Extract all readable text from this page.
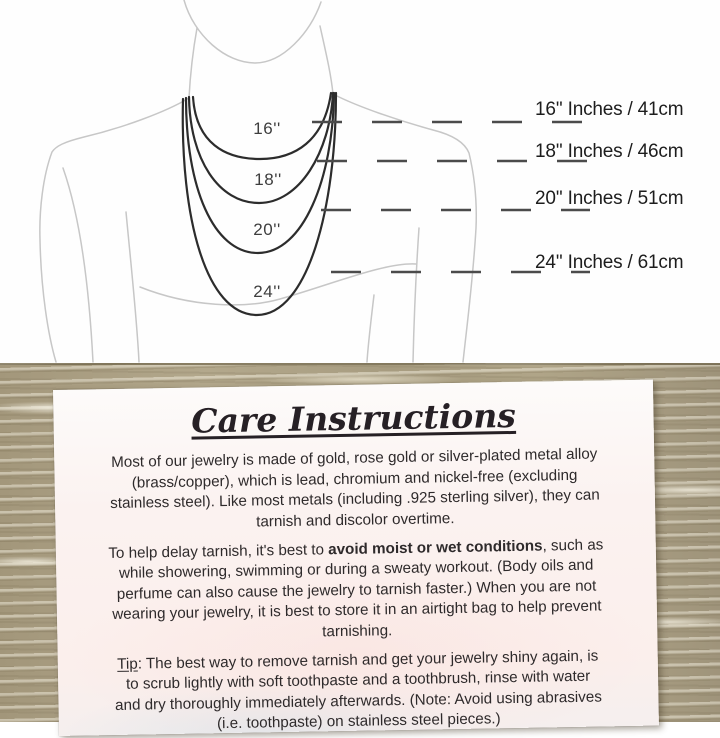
16''
18''
20''
24''
16'' Inches / 41cm
18'' Inches / 46cm
20'' Inches / 51cm
24'' Inches / 61cm
Care Instructions

Most of our jewelry is made of gold, rose gold or silver-plated metal alloy
(brass/copper), which is lead, chromium and nickel-free (excluding
stainless steel). Like most metals (including .925 sterling silver), they can
tarnish and discolor overtime.

To help delay tarnish, it's best to avoid moist or wet conditions, such as
while showering, swimming or during a sweaty workout. (Body oils and
perfume can also cause the jewelry to tarnish faster.) When you are not
wearing your jewelry, it is best to store it in an airtight bag to help prevent
tarnishing.

Tip: The best way to remove tarnish and get your jewelry shiny again, is
to scrub lightly with soft toothpaste and a toothbrush, rinse with water
and dry thoroughly immediately afterwards. (Note: Avoid using abrasives
(i.e. toothpaste) on stainless steel pieces.)
